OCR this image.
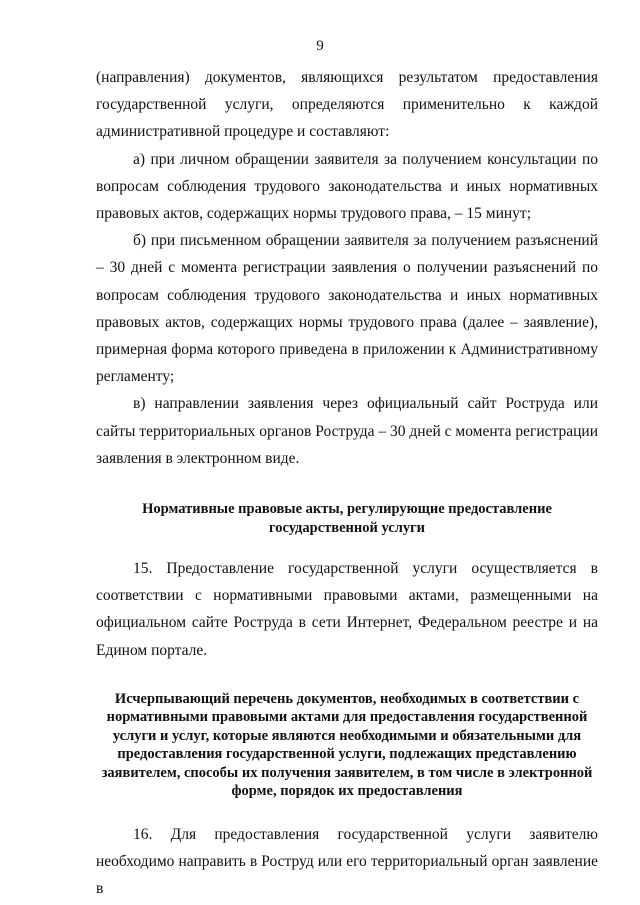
9

(направления) документов, являющихся результатом предоставления государственной услуги, определяются применительно к каждой административной процедуре и составляют:

а) при личном обращении заявителя за получением консультации по вопросам соблюдения трудового законодательства и иных нормативных правовых актов, содержащих нормы трудового права, – 15 минут;

б) при письменном обращении заявителя за получением разъяснений – 30 дней с момента регистрации заявления о получении разъяснений по вопросам соблюдения трудового законодательства и иных нормативных правовых актов, содержащих нормы трудового права (далее – заявление), примерная форма которого приведена в приложении к Административному регламенту;

в) направлении заявления через официальный сайт Роструда или сайты территориальных органов Роструда – 30 дней с момента регистрации заявления в электронном виде.

Нормативные правовые акты, регулирующие предоставление государственной услуги

15. Предоставление государственной услуги осуществляется в соответствии с нормативными правовыми актами, размещенными на официальном сайте Роструда в сети Интернет, Федеральном реестре и на Едином портале.

Исчерпывающий перечень документов, необходимых в соответствии с нормативными правовыми актами для предоставления государственной услуги и услуг, которые являются необходимыми и обязательными для предоставления государственной услуги, подлежащих представлению заявителем, способы их получения заявителем, в том числе в электронной форме, порядок их предоставления

16. Для предоставления государственной услуги заявителю необходимо направить в Роструд или его территориальный орган заявление в
